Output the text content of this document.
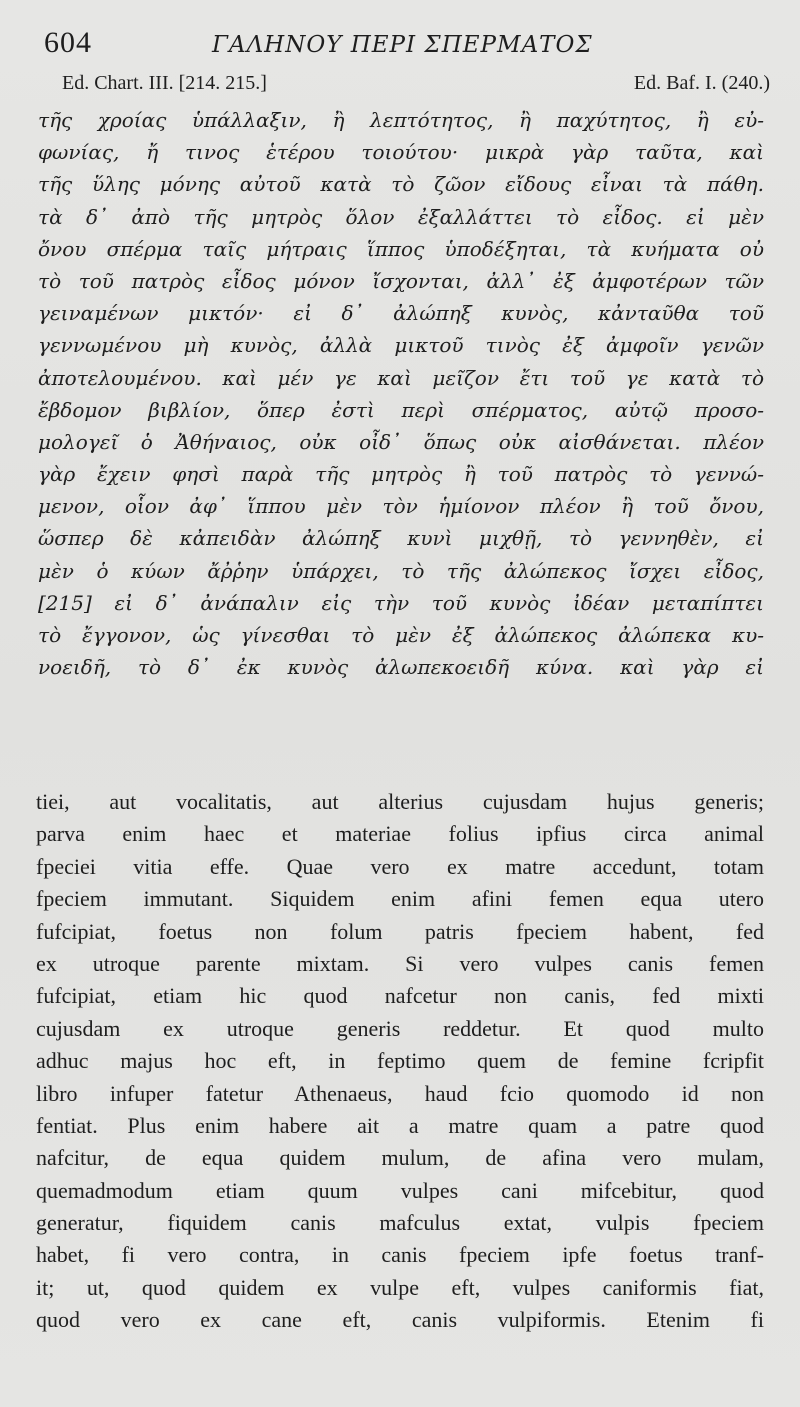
604	ΓΑΛΗΝΟΥ ΠΕΡΙ ΣΠΕΡΜΑΤΟΣ
Ed. Chart. III. [214. 215.]	Ed. Baf. I. (240.)
τῆς χροίας ὑπάλλαξιν, ἢ λεπτότητος, ἢ παχύτητος, ἢ εὐ-
φωνίας, ἤ τινος ἑτέρου τοιούτου· μικρὰ γὰρ ταῦτα, καὶ
τῆς ὕλης μόνης αὐτοῦ κατὰ τὸ ζῶον εἴδους εἶναι τὰ πάθη.
τὰ δ᾽ ἀπὸ τῆς μητρὸς ὅλον ἐξαλλάττει τὸ εἶδος. εἰ μὲν
ὄνου σπέρμα ταῖς μήτραις ἵππος ὑποδέξηται, τὰ κυήματα οὐ
τὸ τοῦ πατρὸς εἶδος μόνον ἴσχονται, ἀλλ᾽ ἐξ ἀμφοτέρων τῶν
γειναμένων μικτόν· εἰ δ᾽ ἀλώπηξ κυνὸς, κἀνταῦθα τοῦ
γεννωμένου μὴ κυνὸς, ἀλλὰ μικτοῦ τινὸς ἐξ ἀμφοῖν γενῶν
ἀποτελουμένου. καὶ μέν γε καὶ μεῖζον ἔτι τοῦ γε κατὰ τὸ
ἔβδομον βιβλίον, ὅπερ ἐστὶ περὶ σπέρματος, αὐτῷ προσο-
μολογεῖ ὁ Ἀθήναιος, οὐκ οἶδ᾽ ὅπως οὐκ αἰσθάνεται. πλέον
γὰρ ἔχειν φησὶ παρὰ τῆς μητρὸς ἢ τοῦ πατρὸς τὸ γεννώ-
μενον, οἷον ἀφ᾽ ἵππου μὲν τὸν ἡμίονον πλέον ἢ τοῦ ὄνου,
ὥσπερ δὲ κἀπειδὰν ἀλώπηξ κυνὶ μιχθῇ, τὸ γεννηθὲν, εἰ
μὲν ὁ κύων ἄῤῥην ὑπάρχει, τὸ τῆς ἀλώπεκος ἴσχει εἶδος,
[215] εἰ δ᾽ ἀνάπαλιν εἰς τὴν τοῦ κυνὸς ἰδέαν μεταπίπτει
τὸ ἔγγονον, ὡς γίνεσθαι τὸ μὲν ἐξ ἀλώπεκος ἀλώπεκα κυ-
νοειδῆ, τὸ δ᾽ ἐκ κυνὸς ἀλωπεκοειδῆ κύνα. καὶ γὰρ εἰ
tiei, aut vocalitatis, aut alterius cujusdam hujus generis;
parva enim haec et materiae folius ipfius circa animal
fpeciei vitia effe. Quae vero ex matre accedunt, totam
fpeciem immutant. Siquidem enim afini femen equa utero
fufcipiat, foetus non folum patris fpeciem habent, fed
ex utroque parente mixtam. Si vero vulpes canis femen
fufcipiat, etiam hic quod nafcetur non canis, fed mixti
cujusdam ex utroque generis reddetur. Et quod multo
adhuc majus hoc eft, in feptimo quem de femine fcripfit
libro infuper fatetur Athenaeus, haud fcio quomodo id non
fentiat. Plus enim habere ait a matre quam a patre quod
nafcitur, de equa quidem mulum, de afina vero mulam,
quemadmodum etiam quum vulpes cani mifcebitur, quod
generatur, fiquidem canis mafculus extat, vulpis fpeciem
habet, fi vero contra, in canis fpeciem ipfe foetus tranf-
it; ut, quod quidem ex vulpe eft, vulpes caniformis fiat,
quod vero ex cane eft, canis vulpiformis. Etenim fi
